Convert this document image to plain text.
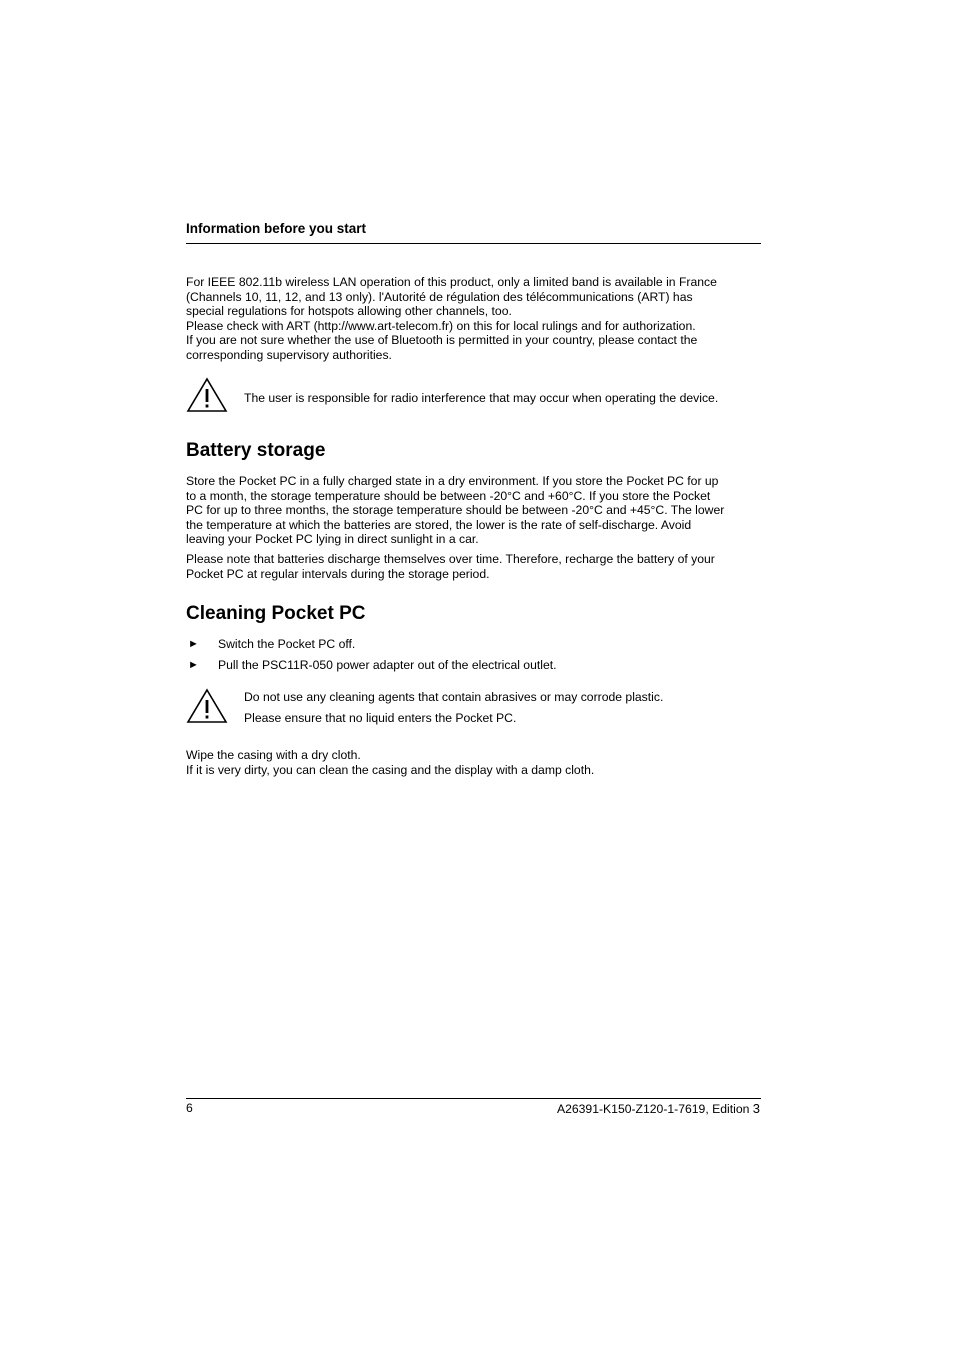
Information before you start

For IEEE 802.11b wireless LAN operation of this product, only a limited band is available in France

(Channels 10, 11, 12, and 13 only). l'Autorité de régulation des télécommunications (ART) has

special regulations for hotspots allowing other channels, too.

Please check with ART (http://www.art-telecom.fr) on this for local rulings and for authorization.

If you are not sure whether the use of Bluetooth is permitted in your country, please contact the

corresponding supervisory authorities.

The user is responsible for radio interference that may occur when operating the device.
Battery storage

Store the Pocket PC in a fully charged state in a dry environment. If you store the Pocket PC for up

to a month, the storage temperature should be between -20°C and +60°C. If you store the Pocket

PC for up to three months, the storage temperature should be between -20°C and +45°C. The lower

the temperature at which the batteries are stored, the lower is the rate of self-discharge. Avoid

leaving your Pocket PC lying in direct sunlight in a car.

Please note that batteries discharge themselves over time. Therefore, recharge the battery of your

Pocket PC at regular intervals during the storage period.

Cleaning Pocket PC
► Switch the Pocket PC off.
► Pull the PSC11R-050 power adapter out of the electrical outlet.
Do not use any cleaning agents that contain abrasives or may corrode plastic.
Please ensure that no liquid enters the Pocket PC.

Wipe the casing with a dry cloth.

If it is very dirty, you can clean the casing and the display with a damp cloth.

6	A26391-K150-Z120-1-7619, Edition 3
